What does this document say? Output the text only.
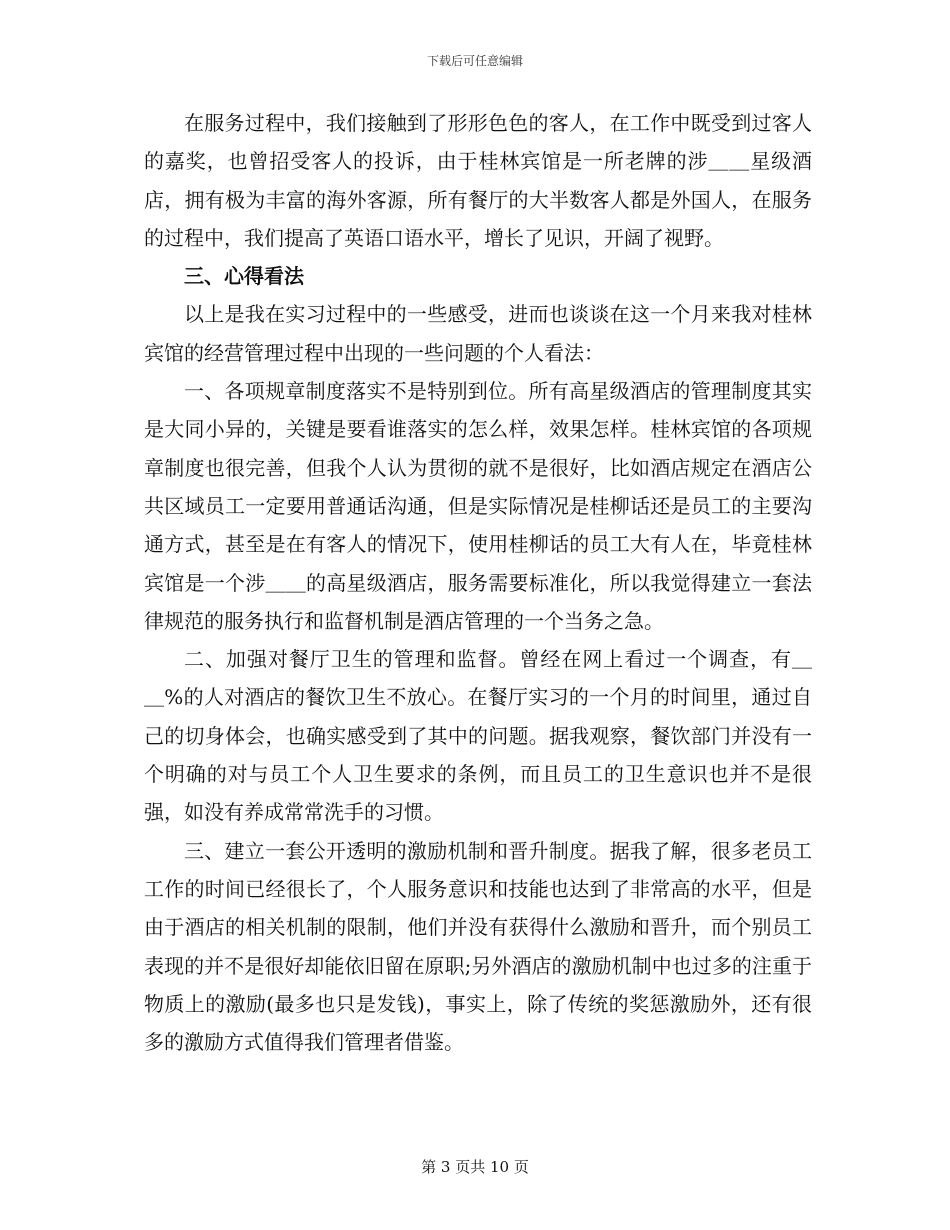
下载后可任意编辑

在服务过程中，我们接触到了形形色色的客人，在工作中既受到过客人的嘉奖，也曾招受客人的投诉，由于桂林宾馆是一所老牌的涉＿＿星级酒店，拥有极为丰富的海外客源，所有餐厅的大半数客人都是外国人，在服务的过程中，我们提高了英语口语水平，增长了见识，开阔了视野。

三、心得看法

以上是我在实习过程中的一些感受，进而也谈谈在这一个月来我对桂林宾馆的经营管理过程中出现的一些问题的个人看法：

一、各项规章制度落实不是特别到位。所有高星级酒店的管理制度其实是大同小异的，关键是要看谁落实的怎么样，效果怎样。桂林宾馆的各项规章制度也很完善，但我个人认为贯彻的就不是很好，比如酒店规定在酒店公共区域员工一定要用普通话沟通，但是实际情况是桂柳话还是员工的主要沟通方式，甚至是在有客人的情况下，使用桂柳话的员工大有人在，毕竟桂林宾馆是一个涉＿＿的高星级酒店，服务需要标准化，所以我觉得建立一套法律规范的服务执行和监督机制是酒店管理的一个当务之急。

二、加强对餐厅卫生的管理和监督。曾经在网上看过一个调查，有＿＿%的人对酒店的餐饮卫生不放心。在餐厅实习的一个月的时间里，通过自己的切身体会，也确实感受到了其中的问题。据我观察，餐饮部门并没有一个明确的对与员工个人卫生要求的条例，而且员工的卫生意识也并不是很强，如没有养成常常洗手的习惯。

三、建立一套公开透明的激励机制和晋升制度。据我了解，很多老员工工作的时间已经很长了，个人服务意识和技能也达到了非常高的水平，但是由于酒店的相关机制的限制，他们并没有获得什么激励和晋升，而个别员工表现的并不是很好却能依旧留在原职;另外酒店的激励机制中也过多的注重于物质上的激励(最多也只是发钱)，事实上，除了传统的奖惩激励外，还有很多的激励方式值得我们管理者借鉴。

第 3 页共 10 页
